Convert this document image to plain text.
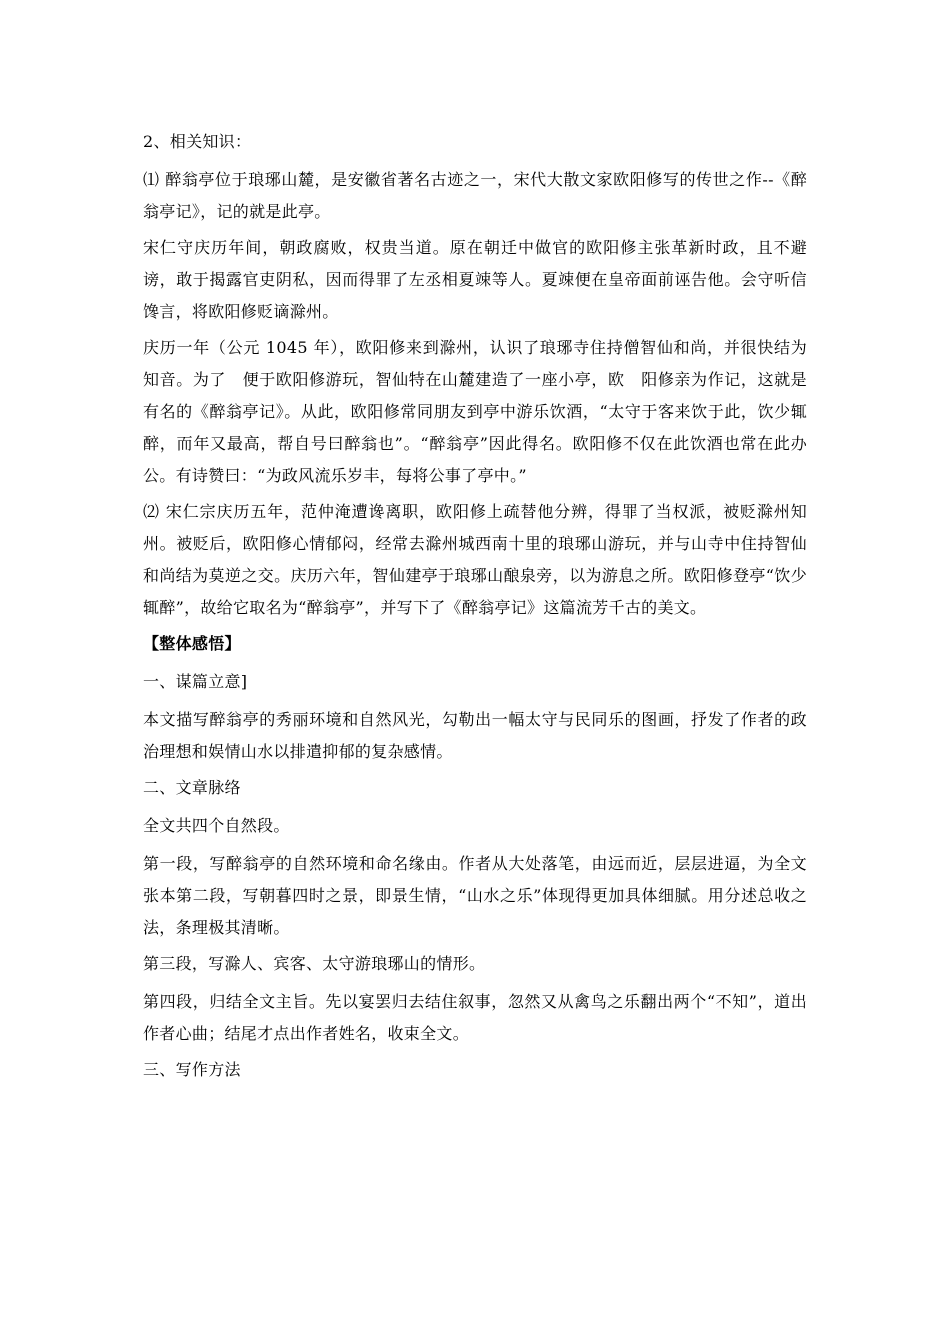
2、相关知识：

⑴ 醉翁亭位于琅琊山麓，是安徽省著名古迹之一，宋代大散文家欧阳修写的传世之作--《醉翁亭记》，记的就是此亭。

宋仁守庆历年间，朝政腐败，权贵当道。原在朝迁中做官的欧阳修主张革新时政，且不避谤，敢于揭露官吏阴私，因而得罪了左丞相夏竦等人。夏竦便在皇帝面前诬告他。会守听信馋言，将欧阳修贬谪滁州。

庆历一年（公元 1045 年），欧阳修来到滁州，认识了琅琊寺住持僧智仙和尚，并很快结为知音。为了　便于欧阳修游玩，智仙特在山麓建造了一座小亭，欧　阳修亲为作记，这就是有名的《醉翁亭记》。从此，欧阳修常同朋友到亭中游乐饮酒，“太守于客来饮于此，饮少辄醉，而年又最高，帮自号曰醉翁也”。“醉翁亭”因此得名。欧阳修不仅在此饮酒也常在此办公。有诗赞曰：“为政风流乐岁丰，每将公事了亭中。”

⑵ 宋仁宗庆历五年，范仲淹遭谗离职，欧阳修上疏替他分辨，得罪了当权派，被贬滁州知州。被贬后，欧阳修心情郁闷，经常去滁州城西南十里的琅琊山游玩，并与山寺中住持智仙和尚结为莫逆之交。庆历六年，智仙建亭于琅琊山酿泉旁，以为游息之所。欧阳修登亭“饮少辄醉”，故给它取名为“醉翁亭”，并写下了《醉翁亭记》这篇流芳千古的美文。

【整体感悟】

一、谋篇立意]

本文描写醉翁亭的秀丽环境和自然风光，勾勒出一幅太守与民同乐的图画，抒发了作者的政治理想和娱情山水以排遣抑郁的复杂感情。

二、文章脉络

全文共四个自然段。

第一段，写醉翁亭的自然环境和命名缘由。作者从大处落笔，由远而近，层层进逼，为全文张本第二段，写朝暮四时之景，即景生情，“山水之乐”体现得更加具体细腻。用分述总收之法，条理极其清晰。

第三段，写滁人、宾客、太守游琅琊山的情形。

第四段，归结全文主旨。先以宴罢归去结住叙事，忽然又从禽鸟之乐翻出两个“不知”，道出作者心曲；结尾才点出作者姓名，收束全文。

三、写作方法
